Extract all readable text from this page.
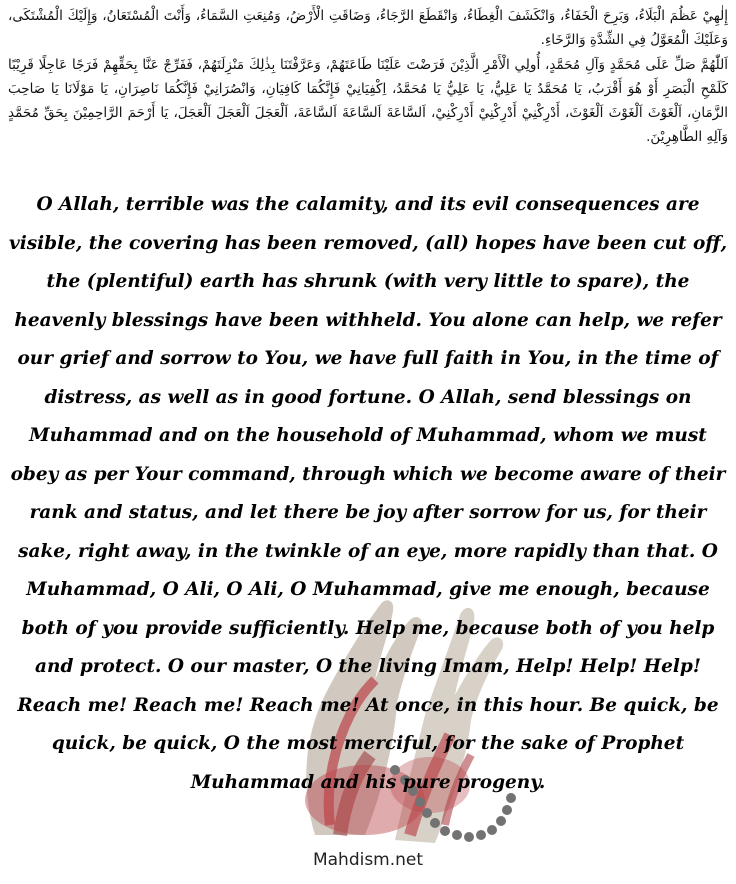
إِلٰهِيْ عَظُمَ الْبَلَاءُ، وَبَرِحَ الْخَفَاءُ، وَانْكَشَفَ الْغِطَاءُ، وَانْقَطَعَ الرَّجَاءُ، وَضَاقَتِ الْأَرْضُ، وَمُنِعَتِ السَّمَاءُ، وَأَنْتَ الْمُسْتَعَانُ، وَإِلَيْكَ الْمُشْتَكَى، وَعَلَيْكَ الْمُعَوَّلُ فِي الشِّدَّةِ وَالرَّخَاءِ.

اَللّٰهُمَّ صَلِّ عَلَى مُحَمَّدٍ وَآلِ مُحَمَّدٍ، أُولِي الْأَمْرِ الَّذِيْنَ فَرَضْتَ عَلَيْنَا طَاعَتَهُمْ، وَعَرَّفْتَنَا بِذٰلِكَ مَنْزِلَتَهُمْ، فَفَرِّجْ عَنَّا بِحَقِّهِمْ فَرَجًا عَاجِلًا قَرِيْبًا كَلَمْحِ الْبَصَرِ أَوْ هُوَ أَقْرَبُ، يَا مُحَمَّدُ يَا عَلِيُّ، يَا عَلِيُّ يَا مُحَمَّدُ، اِكْفِيَانِيْ فَإِنَّكُمَا كَافِيَانِ، وَانْصُرَانِيْ فَإِنَّكُمَا نَاصِرَانِ، يَا مَوْلَانَا يَا صَاحِبَ الزَّمَانِ، اَلْغَوْثَ اَلْغَوْثَ اَلْغَوْثَ، أَدْرِكْنِيْ أَدْرِكْنِيْ أَدْرِكْنِيْ، اَلسَّاعَةَ اَلسَّاعَةَ اَلسَّاعَةَ، اَلْعَجَلَ اَلْعَجَلَ اَلْعَجَلَ، يَا أَرْحَمَ الرَّاحِمِيْنَ بِحَقِّ مُحَمَّدٍ وَآلِهِ الطَّاهِرِيْنَ.

O Allah, terrible was the calamity, and its evil consequences are visible, the covering has been removed, (all) hopes have been cut off, the (plentiful) earth has shrunk (with very little to spare), the heavenly blessings have been withheld. You alone can help, we refer our grief and sorrow to You, we have full faith in You, in the time of distress, as well as in good fortune. O Allah, send blessings on Muhammad and on the household of Muhammad, whom we must obey as per Your command, through which we become aware of their rank and status, and let there be joy after sorrow for us, for their sake, right away, in the twinkle of an eye, more rapidly than that. O Muhammad, O Ali, O Ali, O Muhammad, give me enough, because both of you provide sufficiently. Help me, because both of you help and protect. O our master, O the living Imam, Help! Help! Help! Reach me! Reach me! Reach me! At once, in this hour. Be quick, be quick, be quick, O the most merciful, for the sake of Prophet Muhammad and his pure progeny.
Mahdism.net
